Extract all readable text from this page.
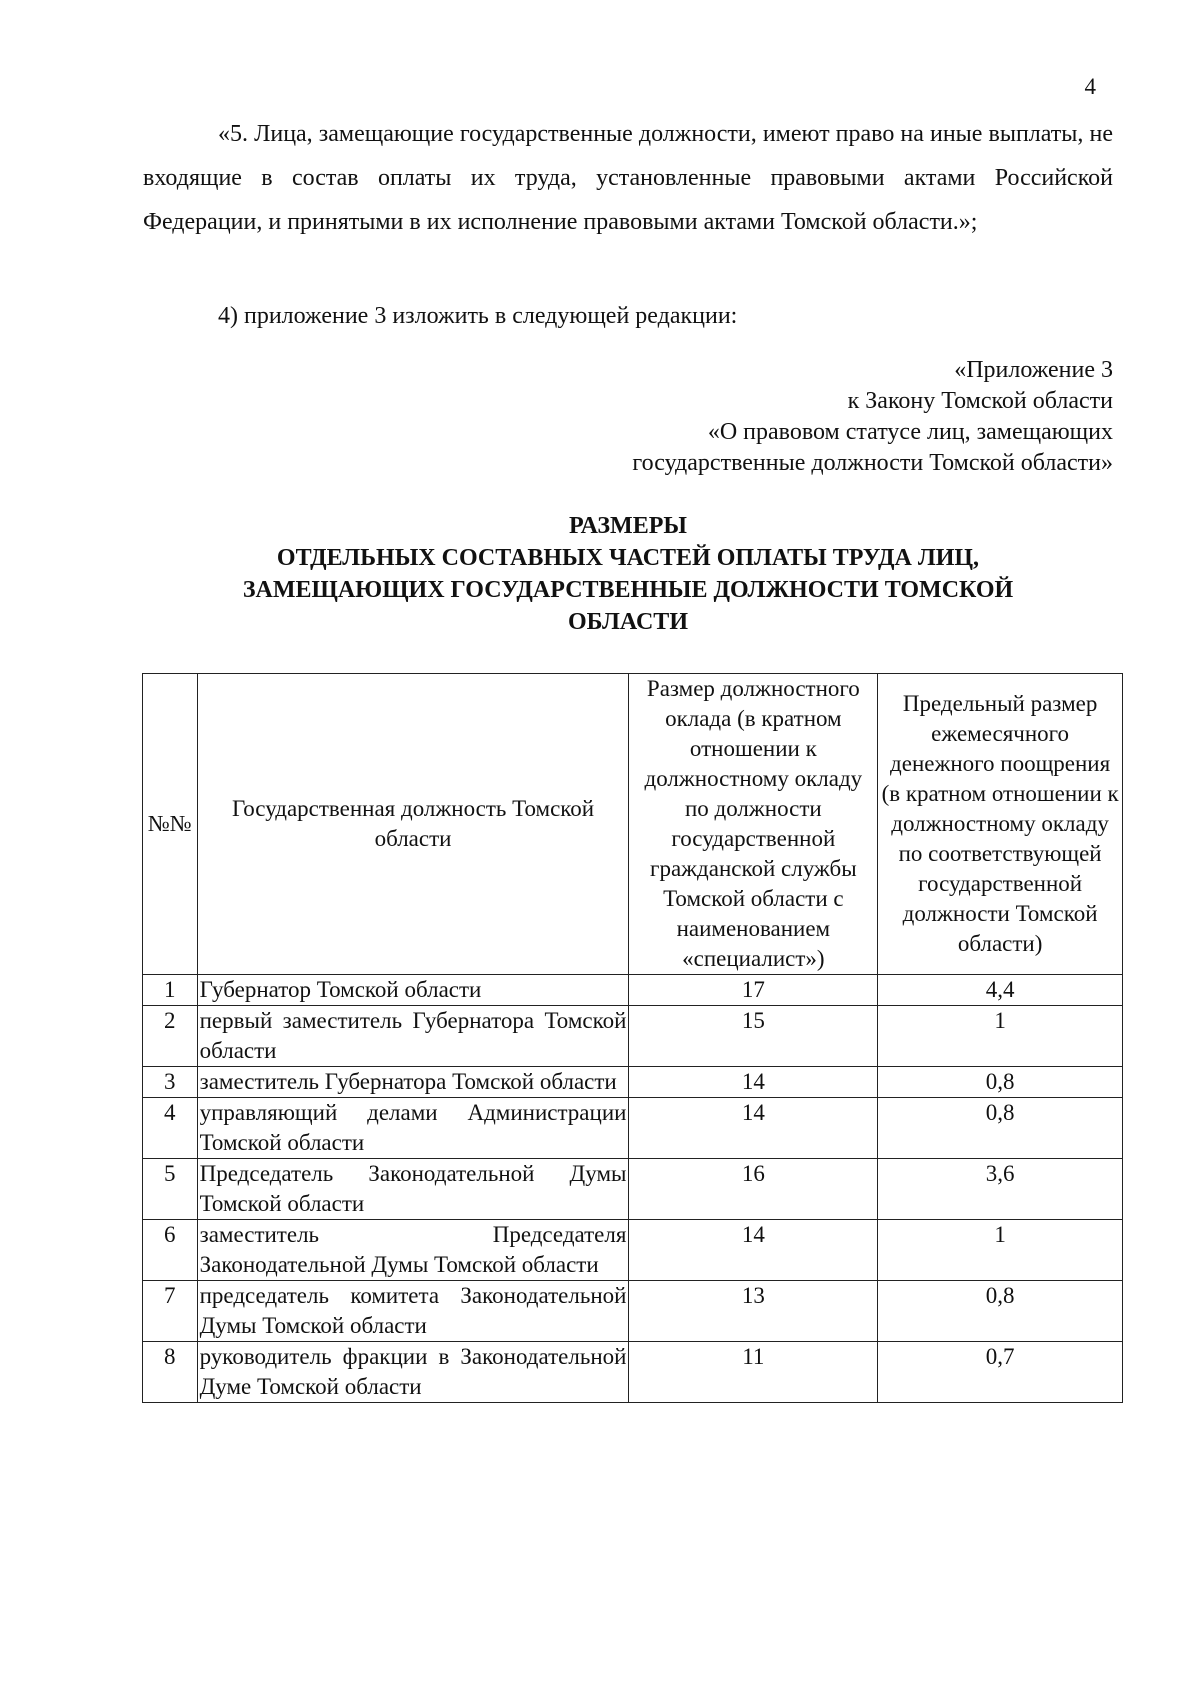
4
«5. Лица, замещающие государственные должности, имеют право на иные выплаты, не входящие в состав оплаты их труда, установленные правовыми актами Российской Федерации, и принятыми в их исполнение правовыми актами Томской области.»;
4) приложение 3 изложить в следующей редакции:
«Приложение 3
к Закону Томской области
«О правовом статусе лиц, замещающих
государственные должности Томской области»
РАЗМЕРЫ
ОТДЕЛЬНЫХ СОСТАВНЫХ ЧАСТЕЙ ОПЛАТЫ ТРУДА ЛИЦ,
ЗАМЕЩАЮЩИХ ГОСУДАРСТВЕННЫЕ ДОЛЖНОСТИ ТОМСКОЙ
ОБЛАСТИ
№№	Государственная должность Томской области	Размер должностного оклада (в кратном отношении к должностному окладу по должности государственной гражданской службы Томской области с наименованием «специалист»)	Предельный размер ежемесячного денежного поощрения (в кратном отношении к должностному окладу по соответствующей государственной должности Томской области)
1	Губернатор Томской области	17	4,4
2	первый заместитель Губернатора Томской области	15	1
3	заместитель Губернатора Томской области	14	0,8
4	управляющий делами Администрации Томской области	14	0,8
5	Председатель Законодательной Думы Томской области	16	3,6
6	заместитель Председателя Законодательной Думы Томской области	14	1
7	председатель комитета Законодательной Думы Томской области	13	0,8
8	руководитель фракции в Законодательной Думе Томской области	11	0,7
